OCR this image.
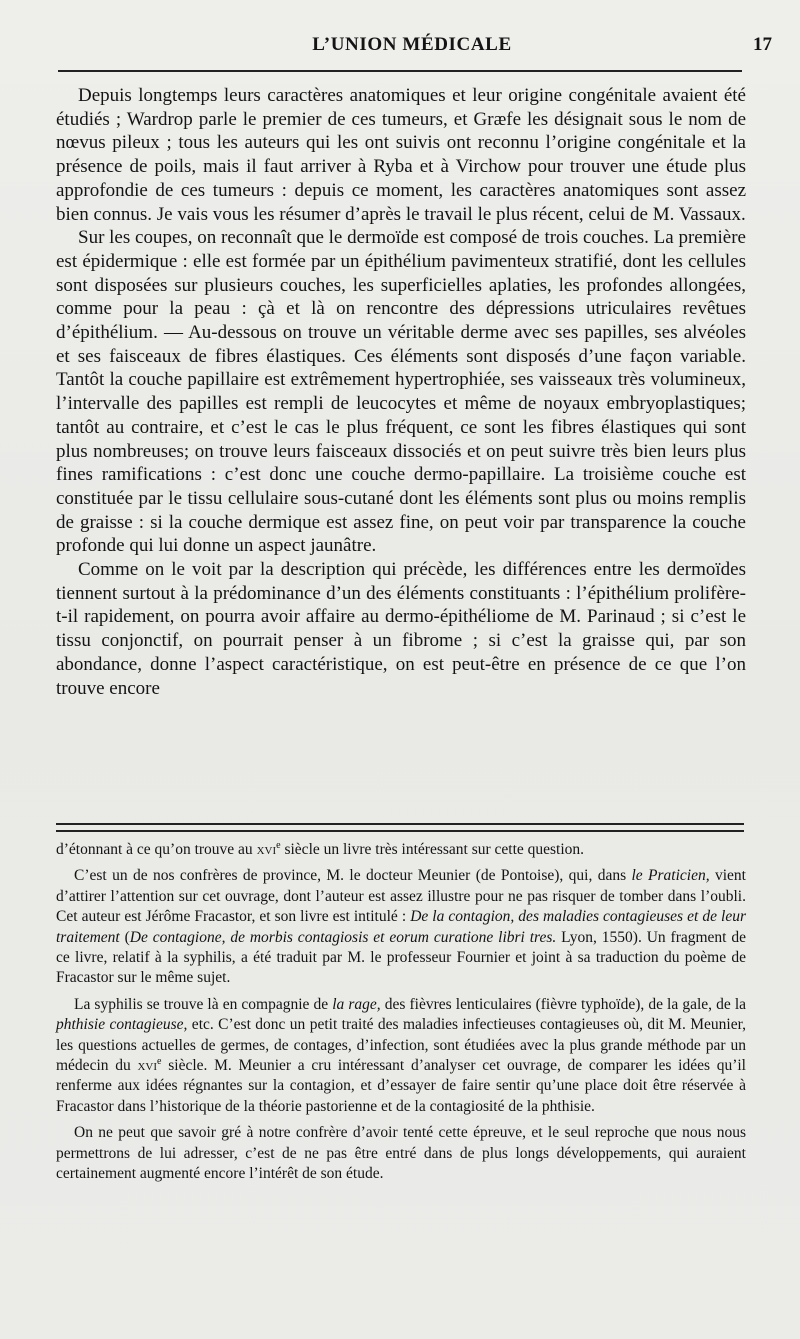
L’UNION MÉDICALE	17

Depuis longtemps leurs caractères anatomiques et leur origine congénitale avaient été étudiés ; Wardrop parle le premier de ces tumeurs, et Græfe les désignait sous le nom de nœvus pileux ; tous les auteurs qui les ont suivis ont reconnu l’origine congénitale et la présence de poils, mais il faut arriver à Ryba et à Virchow pour trouver une étude plus approfondie de ces tumeurs : depuis ce moment, les caractères anatomiques sont assez bien connus. Je vais vous les résumer d’après le travail le plus récent, celui de M. Vassaux.

Sur les coupes, on reconnaît que le dermoïde est composé de trois couches. La première est épidermique : elle est formée par un épithélium pavimenteux stratifié, dont les cellules sont disposées sur plusieurs couches, les superficielles aplaties, les profondes allongées, comme pour la peau : çà et là on rencontre des dépressions utriculaires revêtues d’épithélium. — Au-dessous on trouve un véritable derme avec ses papilles, ses alvéoles et ses faisceaux de fibres élastiques. Ces éléments sont disposés d’une façon variable. Tantôt la couche papillaire est extrêmement hypertrophiée, ses vaisseaux très volumineux, l’intervalle des papilles est rempli de leucocytes et même de noyaux embryoplastiques; tantôt au contraire, et c’est le cas le plus fréquent, ce sont les fibres élastiques qui sont plus nombreuses; on trouve leurs faisceaux dissociés et on peut suivre très bien leurs plus fines ramifications : c’est donc une couche dermo-papillaire. La troisième couche est constituée par le tissu cellulaire sous-cutané dont les éléments sont plus ou moins remplis de graisse : si la couche dermique est assez fine, on peut voir par transparence la couche profonde qui lui donne un aspect jaunâtre.

Comme on le voit par la description qui précède, les différences entre les dermoïdes tiennent surtout à la prédominance d’un des éléments constituants : l’épithélium prolifère-t-il rapidement, on pourra avoir affaire au dermo-épithéliome de M. Parinaud ; si c’est le tissu conjonctif, on pourrait penser à un fibrome ; si c’est la graisse qui, par son abondance, donne l’aspect caractéristique, on est peut-être en présence de ce que l’on trouve encore

d’étonnant à ce qu’on trouve au xvi$^e$ siècle un livre très intéressant sur cette question.

C’est un de nos confrères de province, M. le docteur Meunier (de Pontoise), qui, dans le Praticien, vient d’attirer l’attention sur cet ouvrage, dont l’auteur est assez illustre pour ne pas risquer de tomber dans l’oubli. Cet auteur est Jérôme Fracastor, et son livre est intitulé : De la contagion, des maladies contagieuses et de leur traitement (De contagione, de morbis contagiosis et eorum curatione libri tres. Lyon, 1550). Un fragment de ce livre, relatif à la syphilis, a été traduit par M. le professeur Fournier et joint à sa traduction du poème de Fracastor sur le même sujet.

La syphilis se trouve là en compagnie de la rage, des fièvres lenticulaires (fièvre typhoïde), de la gale, de la phthisie contagieuse, etc. C’est donc un petit traité des maladies infectieuses contagieuses où, dit M. Meunier, les questions actuelles de germes, de contages, d’infection, sont étudiées avec la plus grande méthode par un médecin du xvi$^e$ siècle. M. Meunier a cru intéressant d’analyser cet ouvrage, de comparer les idées qu’il renferme aux idées régnantes sur la contagion, et d’essayer de faire sentir qu’une place doit être réservée à Fracastor dans l’historique de la théorie pastorienne et de la contagiosité de la phthisie.

On ne peut que savoir gré à notre confrère d’avoir tenté cette épreuve, et le seul reproche que nous nous permettrons de lui adresser, c’est de ne pas être entré dans de plus longs développements, qui auraient certainement augmenté encore l’intérêt de son étude.
